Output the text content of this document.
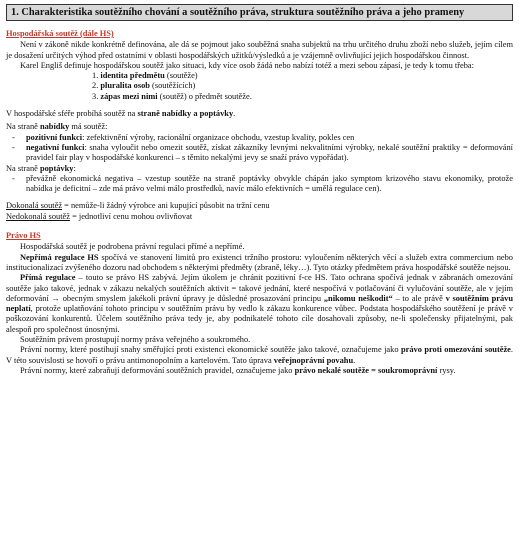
1. Charakteristika soutěžního chování a soutěžního práva, struktura soutěžního práva a jeho prameny
Hospodářská soutěž (dále HS)

Není v zákoně nikde konkrétně definována, ale dá se pojmout jako souběžná snaha subjektů na trhu určitého druhu zboží nebo služeb, jejím cílem je dosažení určitých výhod před ostatními v oblasti hospodářských užitků/výsledků a je vzájemně ovlivňující jejich hospodářskou činnost.

Karel Engliš definuje hospodářskou soutěž jako situaci, kdy více osob žádá nebo nabízí totéž a mezi sebou zápasí, je tedy k tomu třeba:

1. identita předmětu (soutěže)
2. pluralita osob (soutěžících)
3. zápas mezi nimi (soutěž) o předmět soutěže.

V hospodářské sféře probíhá soutěž na straně nabídky a poptávky.

Na straně nabídky má soutěž:

- pozitivní funkci: zefektivnění výroby, racionální organizace obchodu, vzestup kvality, pokles cen
- negativní funkci: snaha vyloučit nebo omezit soutěž, získat zákazníky levnými nekvalitními výrobky, nekalé soutěžní praktiky = deformování pravidel fair play v hospodářské konkurenci – s těmito nekalými jevy se snaží právo vypořádat).

Na straně poptávky:

- převážně ekonomická negativa – vzestup soutěže na straně poptávky obvykle chápán jako symptom krizového stavu ekonomiky, protože nabídka je deficitní – zde má právo velmi málo prostředků, navíc málo efektivních = umělá regulace cen).
Dokonalá soutěž = nemůže-li žádný výrobce ani kupující působit na tržní cenu
Nedokonalá soutěž = jednotliví cenu mohou ovlivňovat
Právo HS

Hospodářská soutěž je podrobena právní regulaci přímé a nepřímé.

Nepřímá regulace HS spočívá ve stanovení limitů pro existenci tržního prostoru: vyloučením některých věcí a služeb extra commercium nebo institucionalizací zvýšeného dozoru nad obchodem s některými předměty (zbraně, léky…). Tyto otázky předmětem práva hospodářské soutěže nejsou.

Přímá regulace – touto se právo HS zabývá. Jejím úkolem je chránit pozitivní f-ce HS. Tato ochrana spočívá jednak v zábranách omezování soutěže jako takové, jednak v zákazu nekalých soutěžních aktivit = takové jednání, které nespočívá v potlačování či vylučování soutěže, ale v jejím deformování → obecným smyslem jakékoli právní úpravy je důsledné prosazování principu „nikomu neškodit“ – to ale právě v soutěžním právu neplatí, protože uplatňování tohoto principu v soutěžním právu by vedlo k zákazu konkurence vůbec. Podstata hospodářského soutěžení je právě v poškozování konkurentů. Účelem soutěžního práva tedy je, aby podnikatelé tohoto cíle dosahovali způsoby, ne-li společensky přijatelnými, pak alespoň pro společnost únosnými.

Soutěžním právem prostupují normy práva veřejného a soukromého.

Právní normy, které postihují snahy směřující proti existenci ekonomické soutěže jako takové, označujeme jako právo proti omezování soutěže. V této souvislosti se hovoří o právu antimonopolním a kartelovém. Tato úprava veřejnoprávní povahu.

Právní normy, které zabraňují deformování soutěžních pravidel, označujeme jako právo nekalé soutěže = soukromoprávní rysy.
